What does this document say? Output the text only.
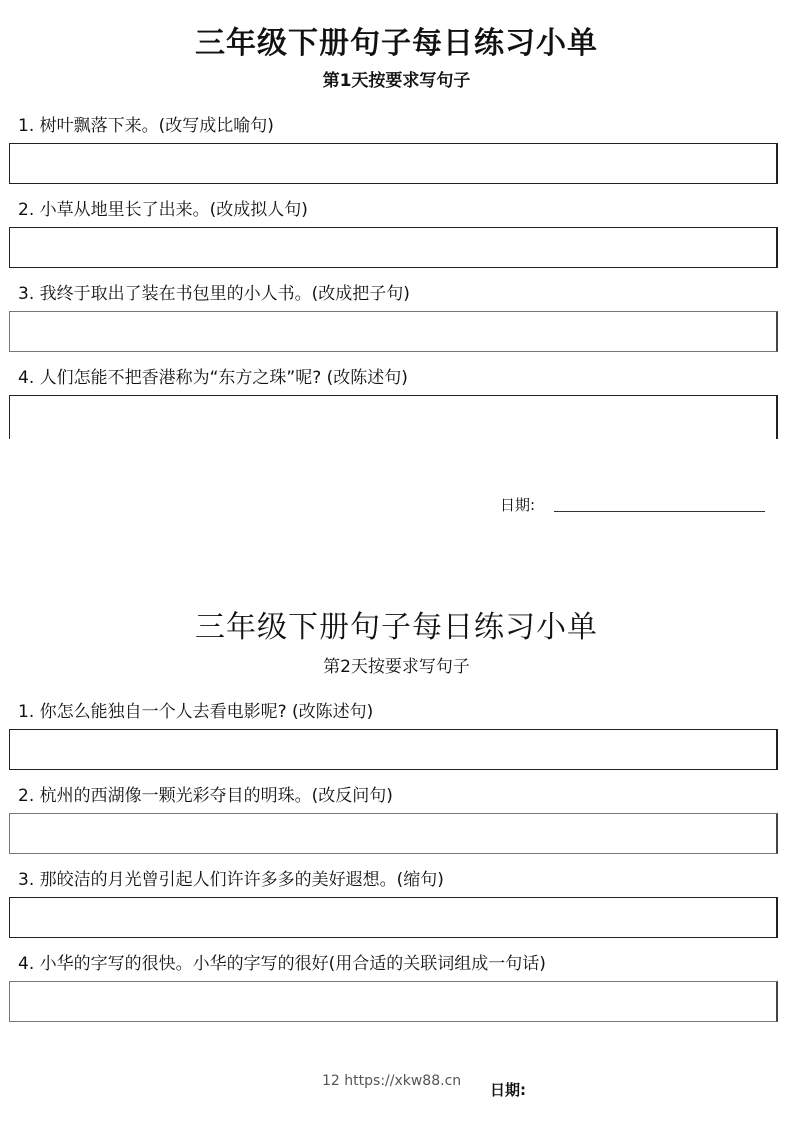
三年级下册句子每日练习小单
第1天按要求写句子
1. 树叶飘落下来。(改写成比喻句)
2. 小草从地里长了出来。(改成拟人句)
3. 我终于取出了装在书包里的小人书。(改成把子句)
4. 人们怎能不把香港称为“东方之珠”呢? (改陈述句)
日期:
三年级下册句子每日练习小单
第2天按要求写句子
1. 你怎么能独自一个人去看电影呢? (改陈述句)
2. 杭州的西湖像一颗光彩夺目的明珠。(改反问句)
3. 那皎洁的月光曾引起人们许许多多的美好遐想。(缩句)
4. 小华的字写的很快。小华的字写的很好(用合适的关联词组成一句话)
12 https://xkw88.cn 日期:
